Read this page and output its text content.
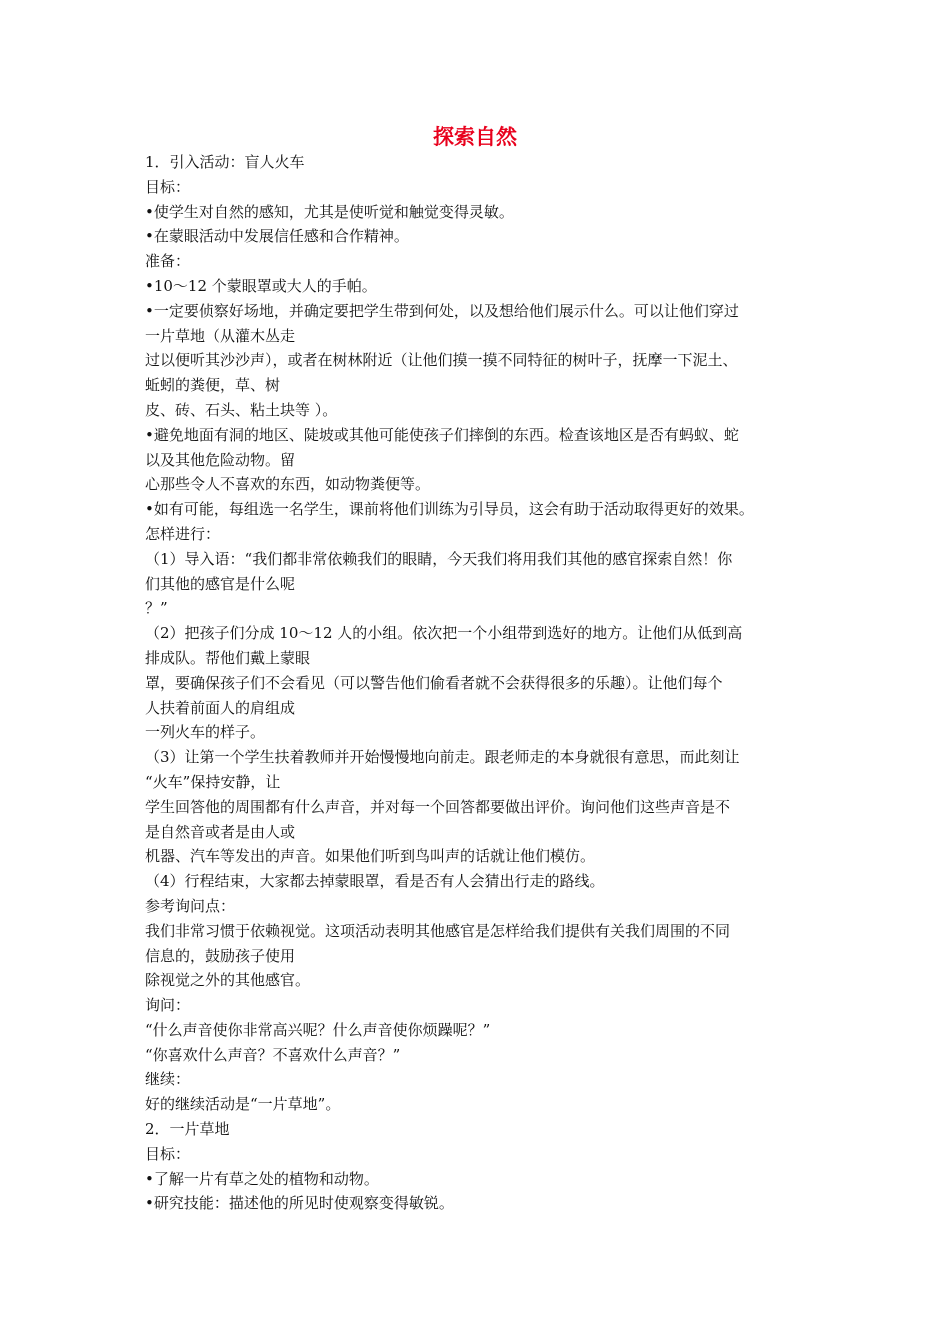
探索自然
1．引入活动：盲人火车
目标：
•使学生对自然的感知，尤其是使听觉和触觉变得灵敏。
•在蒙眼活动中发展信任感和合作精神。
准备：
•10～12 个蒙眼罩或大人的手帕。
•一定要侦察好场地，并确定要把学生带到何处，以及想给他们展示什么。可以让他们穿过
一片草地（从灌木丛走
过以便听其沙沙声），或者在树林附近（让他们摸一摸不同特征的树叶子，抚摩一下泥土、
蚯蚓的粪便，草、树
皮、砖、石头、粘土块等 ）。
•避免地面有洞的地区、陡坡或其他可能使孩子们摔倒的东西。检查该地区是否有蚂蚁、蛇
以及其他危险动物。留
心那些令人不喜欢的东西，如动物粪便等。
•如有可能，每组选一名学生，课前将他们训练为引导员，这会有助于活动取得更好的效果。
怎样进行：
（1）导入语：“我们都非常依赖我们的眼睛，今天我们将用我们其他的感官探索自然！你
们其他的感官是什么呢
？”
（2）把孩子们分成 10～12 人的小组。依次把一个小组带到选好的地方。让他们从低到高
排成队。帮他们戴上蒙眼
罩，要确保孩子们不会看见（可以警告他们偷看者就不会获得很多的乐趣）。让他们每个
人扶着前面人的肩组成
一列火车的样子。
（3）让第一个学生扶着教师并开始慢慢地向前走。跟老师走的本身就很有意思，而此刻让
“火车”保持安静，让
学生回答他的周围都有什么声音，并对每一个回答都要做出评价。询问他们这些声音是不
是自然音或者是由人或
机器、汽车等发出的声音。如果他们听到鸟叫声的话就让他们模仿。
（4）行程结束，大家都去掉蒙眼罩，看是否有人会猜出行走的路线。
参考询问点：
我们非常习惯于依赖视觉。这项活动表明其他感官是怎样给我们提供有关我们周围的不同
信息的，鼓励孩子使用
除视觉之外的其他感官。
询问：
“什么声音使你非常高兴呢？什么声音使你烦躁呢？”
“你喜欢什么声音？不喜欢什么声音？”
继续：
好的继续活动是“一片草地”。
2．一片草地
目标：
•了解一片有草之处的植物和动物。
•研究技能：描述他的所见时使观察变得敏锐。
